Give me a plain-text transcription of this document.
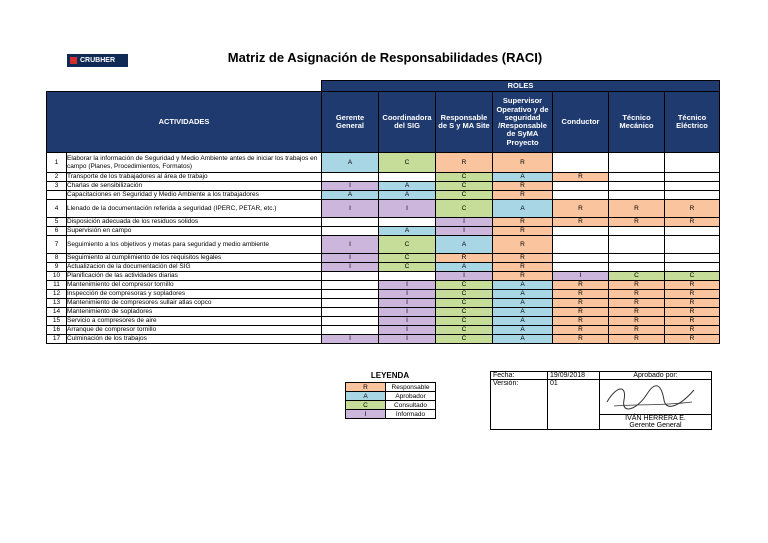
CRUBHER	Matriz de Asignación de Responsabilidades (RACI)
		ROLES						
ACTIVIDADES		Gerente General	Coordinadora del SIG	Responsable de S y MA Site	Supervisor Operativo y de seguridad /Responsable de SyMA Proyecto	Conductor	Técnico Mecánico	Técnico Eléctrico
1	Elaborar la información de Seguridad y Medio Ambiente antes de iniciar los trabajos en campo (Planes, Procedimientos, Formatos)	A	C	R	R			
2	Transporte de los trabajadores al área de trabajo			C	A	R		
3	Charlas de sensibilización	I	A	C	R			
	Capacitaciones en Seguridad y Medio Ambiente a los trabajadores	A	A	C	R			
4	Llenado de la documentación referida a seguridad (IPERC, PETAR, etc.)	I	I	C	A	R	R	R
5	Disposición adecuada de los residuos solidos			I	R	R	R	R
6	Supervisión en campo		A	I	R			
7	Seguimiento a los objetivos y metas para seguridad y medio ambiente	I	C	A	R			
8	Seguimiento al cumplimiento de los requisitos legales	I	C	R	R			
9	Actualizacion de la documentación del SIG	I	C	A	R			
10	Planificación de las actividades diarias			I	R	I	C	C
11	Mantenimiento del compresor tornillo		I	C	A	R	R	R
12	Inspección de compresoras y sopladores		I	C	A	R	R	R
13	Mantenimiento de compresores sullair atlas copco		I	C	A	R	R	R
14	Mantenimiento de sopladores		I	C	A	R	R	R
15	Servicio a compresores de aire		I	C	A	R	R	R
16	Arranque de compresor tornillo		I	C	A	R	R	R
17	Culminación de los trabajos	I	I	C	A	R	R	R
LEYENDA
R	Responsable
A	Aprobador
C	Consultado
I	Informado
Fecha:	19/09/2018	Aprobado por:
Versión:	01	

		IVÁN HERRERA E.
Gerente General
